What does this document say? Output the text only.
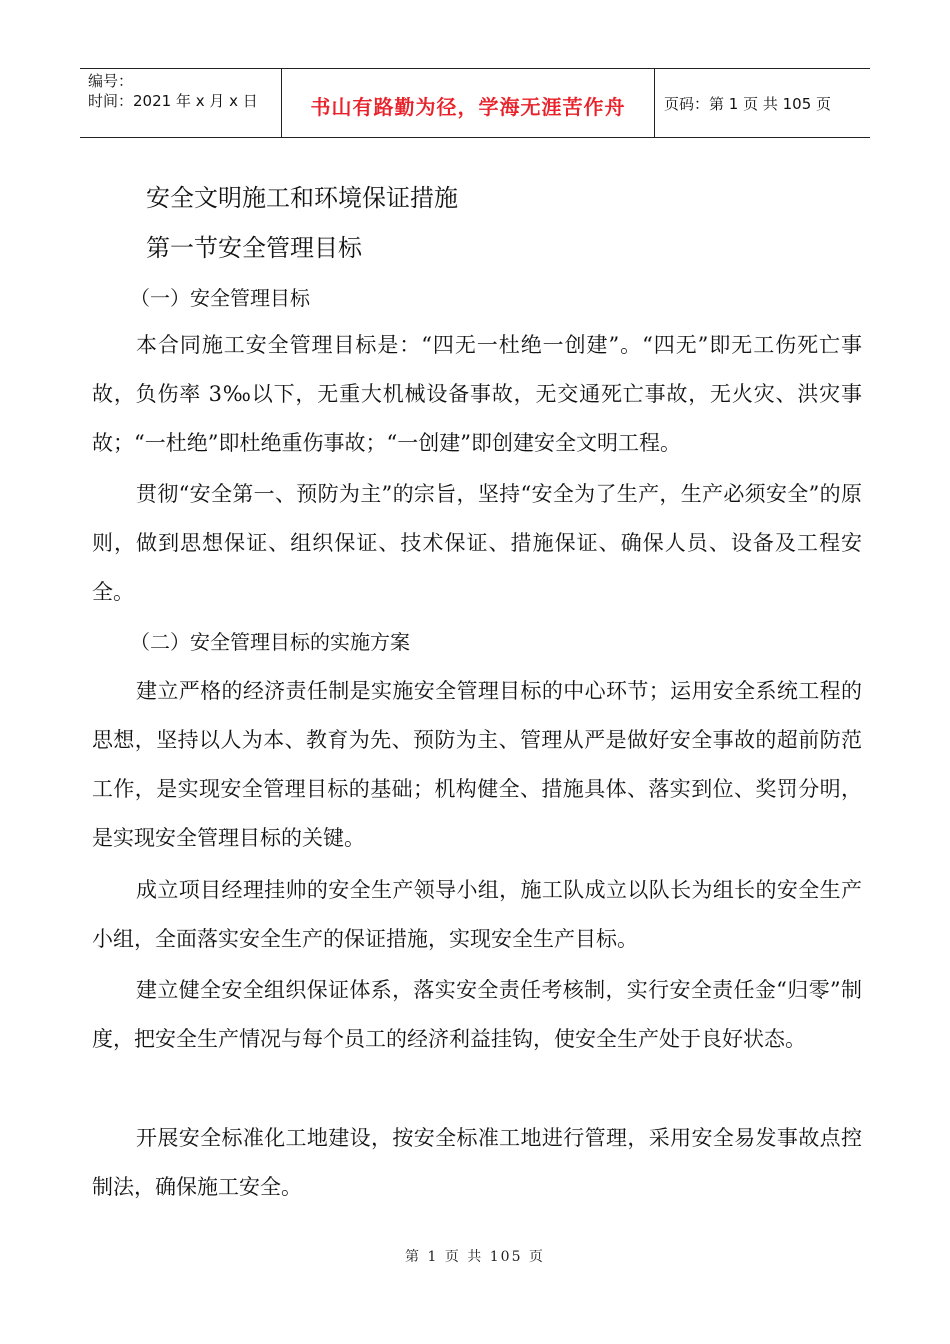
编号：
时间：2021 年 x 月 x 日	书山有路勤为径，学海无涯苦作舟	页码：第 1 页 共 105 页
安全文明施工和环境保证措施
第一节安全管理目标
（一）安全管理目标

本合同施工安全管理目标是：“四无一杜绝一创建”。“四无”即无工伤死亡事故，负伤率 3‰以下，无重大机械设备事故，无交通死亡事故，无火灾、洪灾事故；“一杜绝”即杜绝重伤事故；“一创建”即创建安全文明工程。

贯彻“安全第一、预防为主”的宗旨，坚持“安全为了生产，生产必须安全”的原则，做到思想保证、组织保证、技术保证、措施保证、确保人员、设备及工程安全。

（二）安全管理目标的实施方案

建立严格的经济责任制是实施安全管理目标的中心环节；运用安全系统工程的思想，坚持以人为本、教育为先、预防为主、管理从严是做好安全事故的超前防范工作，是实现安全管理目标的基础；机构健全、措施具体、落实到位、奖罚分明，是实现安全管理目标的关键。

成立项目经理挂帅的安全生产领导小组，施工队成立以队长为组长的安全生产小组，全面落实安全生产的保证措施，实现安全生产目标。

建立健全安全组织保证体系，落实安全责任考核制，实行安全责任金“归零”制度，把安全生产情况与每个员工的经济利益挂钩，使安全生产处于良好状态。

开展安全标准化工地建设，按安全标准工地进行管理，采用安全易发事故点控制法，确保施工安全。

第 1 页 共 105 页
